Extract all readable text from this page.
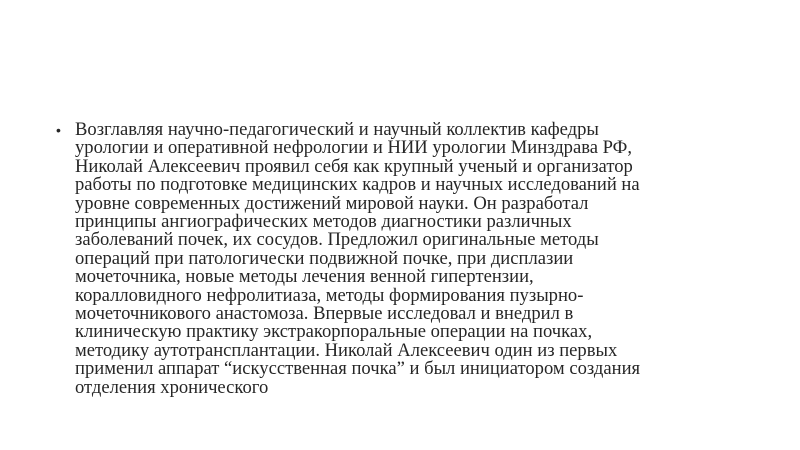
• Возглавляя научно-педагогический и научный коллектив кафедры
урологии и оперативной нефрологии и НИИ урологии Минздрава РФ,
Николай Алексеевич проявил себя как крупный ученый и организатор
работы по подготовке медицинских кадров и научных исследований на
уровне современных достижений мировой науки. Он разработал
принципы ангиографических методов диагностики различных
заболеваний почек, их сосудов. Предложил оригинальные методы
операций при патологически подвижной почке, при дисплазии
мочеточника, новые методы лечения венной гипертензии,
коралловидного нефролитиаза, методы формирования пузырно-
мочеточникового анастомоза. Впервые исследовал и внедрил в
клиническую практику экстракорпоральные операции на почках,
методику аутотрансплантации. Николай Алексеевич один из первых
применил аппарат “искусственная почка” и был инициатором создания
отделения хронического
